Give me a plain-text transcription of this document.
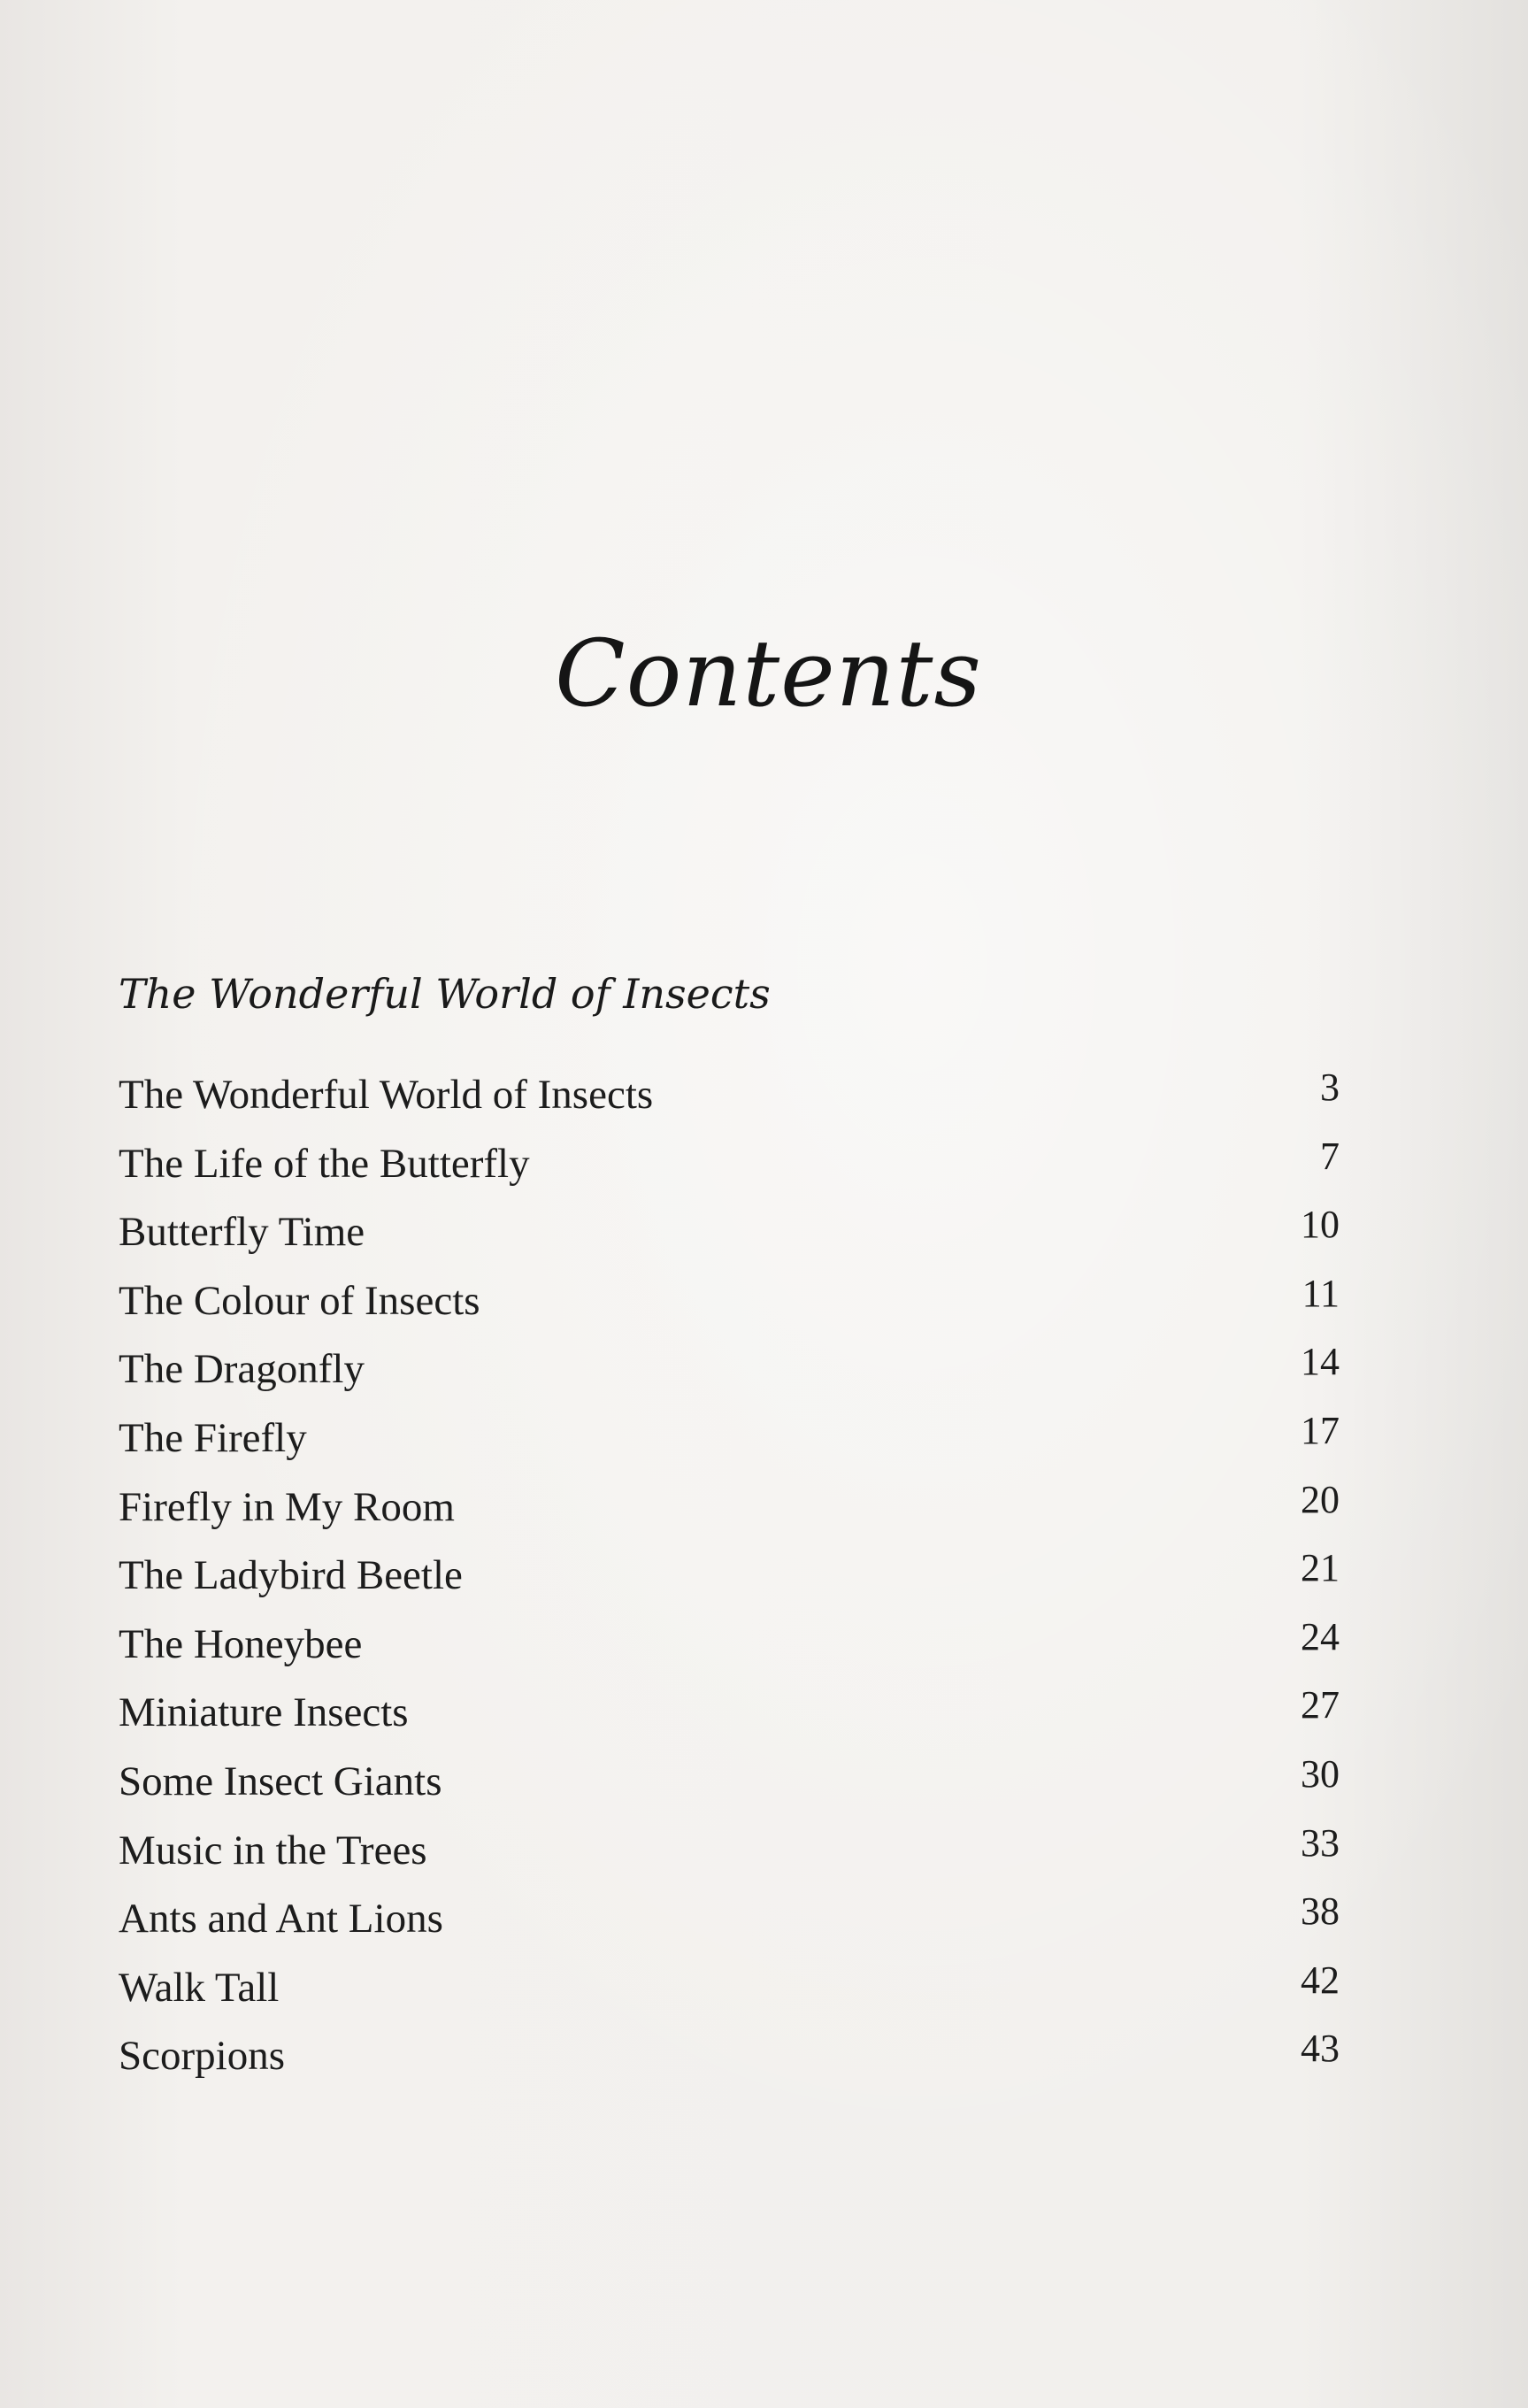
Contents
The Wonderful World of Insects
The Wonderful World of Insects	3
The Life of the Butterfly	7
Butterfly Time	10
The Colour of Insects	11
The Dragonfly	14
The Firefly	17
Firefly in My Room	20
The Ladybird Beetle	21
The Honeybee	24
Miniature Insects	27
Some Insect Giants	30
Music in the Trees	33
Ants and Ant Lions	38
Walk Tall	42
Scorpions	43
